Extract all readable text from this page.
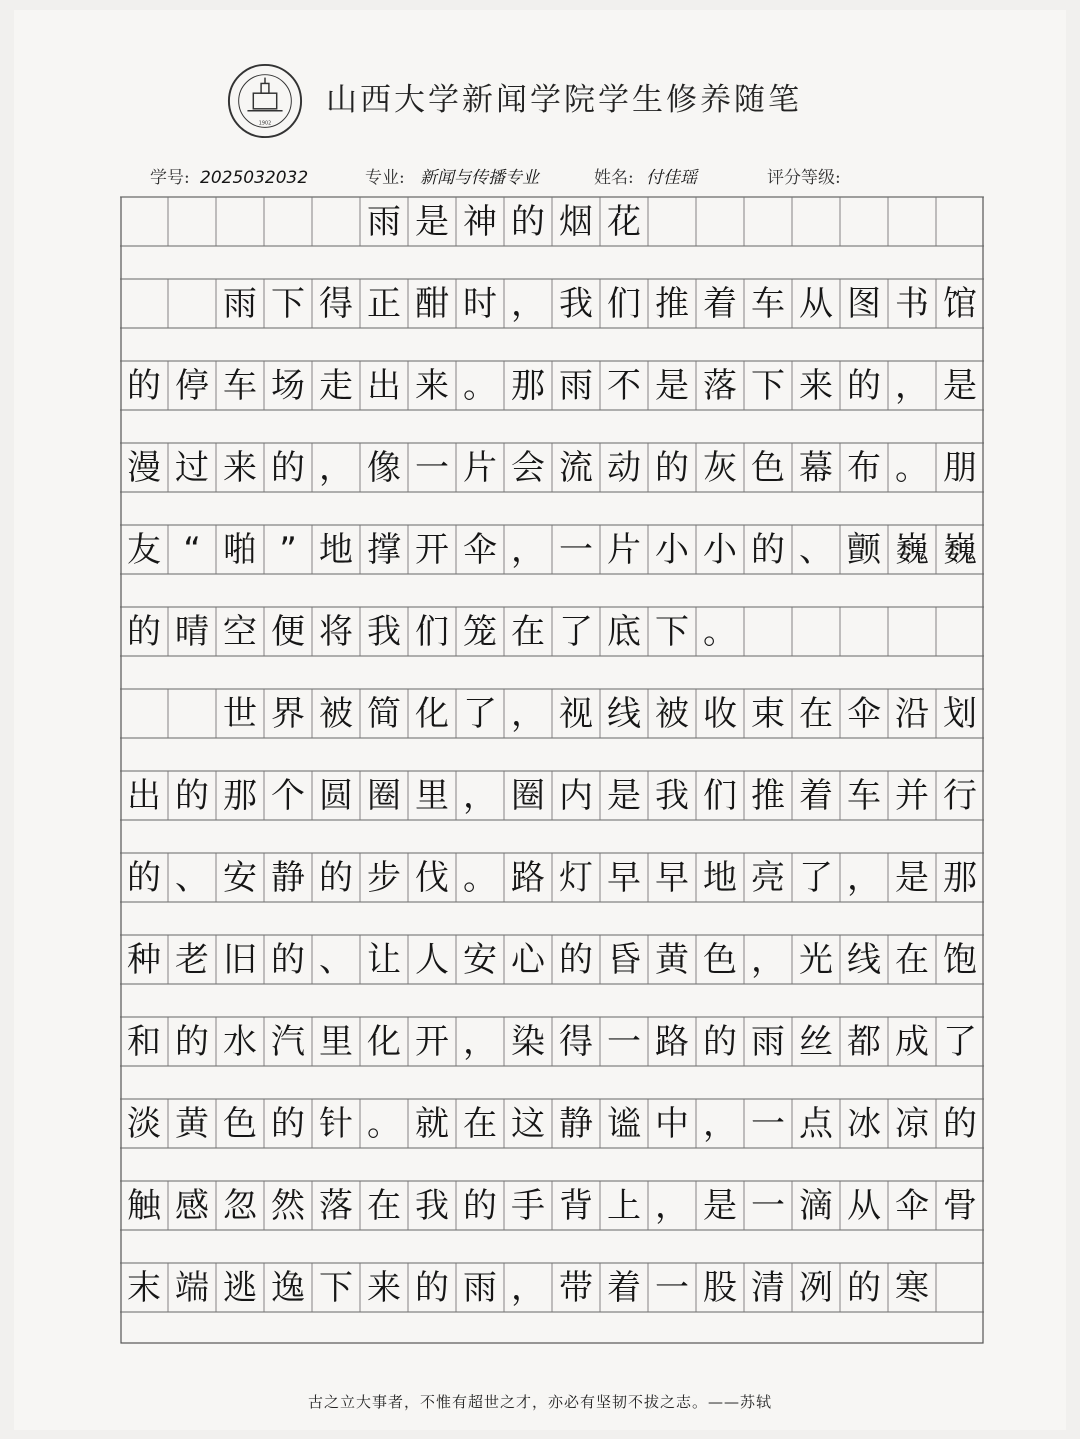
1902
山西大学新闻学院学生修养随笔
学号: 2025032032	专业: 新闻与传播专业	姓名: 付佳瑶	评分等级:
雨 是 神 的 烟 花
雨 下 得 正 酣 时 ， 我 们 推 着 车 从 图 书 馆
的 停 车 场 走 出 来 。 那 雨 不 是 落 下 来 的 ， 是
漫 过 来 的 ， 像 一 片 会 流 动 的 灰 色 幕 布 。 朋
友 “ 啪 ” 地 撑 开 伞 ， 一 片 小 小 的 、 颤 巍 巍
的 晴 空 便 将 我 们 笼 在 了 底 下 。
世 界 被 简 化 了 ， 视 线 被 收 束 在 伞 沿 划
出 的 那 个 圆 圈 里 ， 圈 内 是 我 们 推 着 车 并 行
的 、 安 静 的 步 伐 。 路 灯 早 早 地 亮 了 ， 是 那
种 老 旧 的 、 让 人 安 心 的 昏 黄 色 ， 光 线 在 饱
和 的 水 汽 里 化 开 ， 染 得 一 路 的 雨 丝 都 成 了
淡 黄 色 的 针 。 就 在 这 静 谧 中 ， 一 点 冰 凉 的
触 感 忽 然 落 在 我 的 手 背 上 ， 是 一 滴 从 伞 骨
末 端 逃 逸 下 来 的 雨 ， 带 着 一 股 清 冽 的 寒
古之立大事者，不惟有超世之才，亦必有坚韧不拔之志。——苏轼
